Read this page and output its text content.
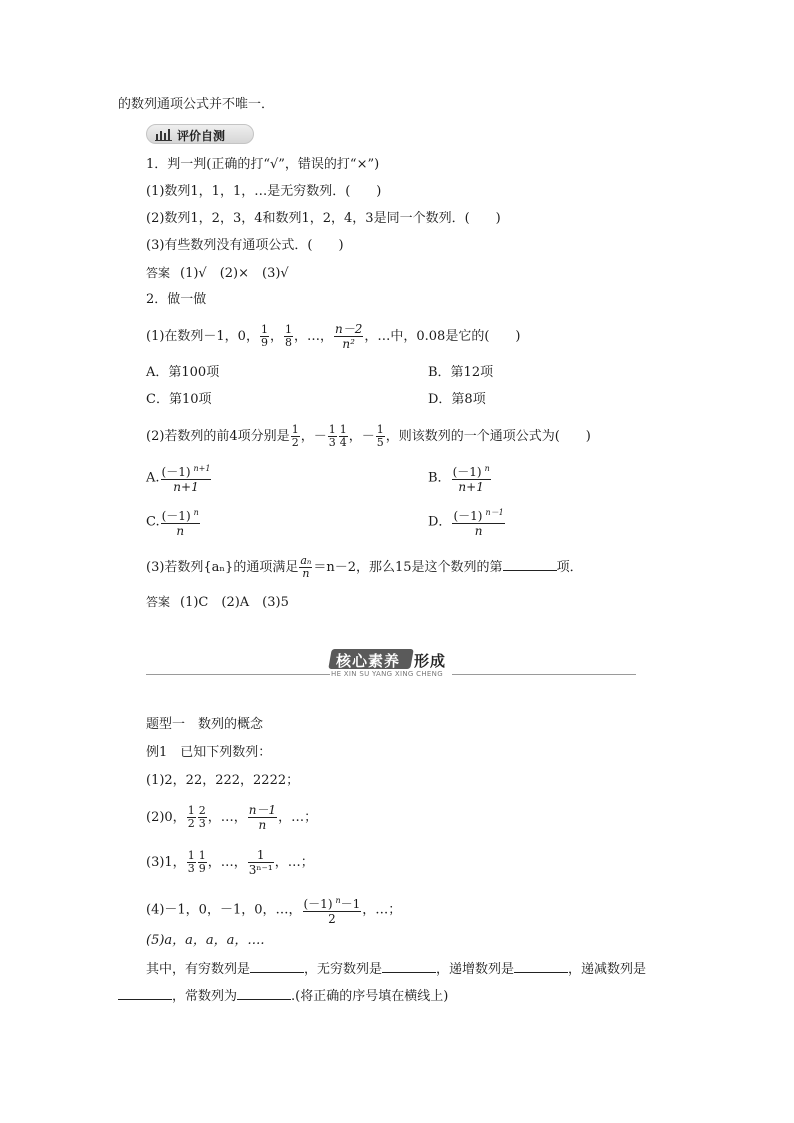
的数列通项公式并不唯一．
评价自测
1．判一判(正确的打“√”，错误的打“×”)
(1)数列1，1，1，…是无穷数列．(　　)
(2)数列1，2，3，4和数列1，2，4，3是同一个数列．(　　)
(3)有些数列没有通项公式．(　　)
答案 (1)√　(2)×　(3)√
2．做一做
(1)在数列－1，0， $\frac{1}{9}$ ， $\frac{1}{8}$ ，…， $\frac{n-2}{\text{n²}}$ ，…中，0.08是它的(　　)
A．第100项	B．第12项
C．第10项	D．第8项
(2)若数列的前4项分别是 $\frac{1}{2}$ ，－ $\frac{1}{3} \frac{1}{4}$ ，－ $\frac{1}{5}$ ，则该数列的一个通项公式为(　　)
A. $\frac{(-1) ^{n+1}}{n+1}$	B． $\frac{(-1) ^n}{n+1}$
C. $\frac{(-1) ^n}{n}$	D． $\frac{(-1) ^{n-1}}{n}$
(3)若数列{aₙ}的通项满足 $\frac{\text{aₙ}}{n} =n-2$，那么15是这个数列的第	项．
答案 (1)C　(2)A　(3)5
核心素养 形成
HE XIN SU YANG XING CHENG
题型一　数列的概念
例1　已知下列数列：
(1)2，22，222，2222；
(2)0， $\frac{1}{2} \frac{2}{3}$ ，…， $\frac{n-1}{n}$ ，…；
(3)1， $\frac{1}{3} \frac{1}{9}$ ，…， $\frac{1}{\text{3ⁿ⁻¹}}$ ，…；
(4)－1，0，－1，0，…， $\frac{(-1) ^n-1}{2}$ ，…；
(5)a，a，a，a，….
其中，有穷数列是	，无穷数列是	，递增数列是	，递减数列是
，常数列为	.(将正确的序号填在横线上)
